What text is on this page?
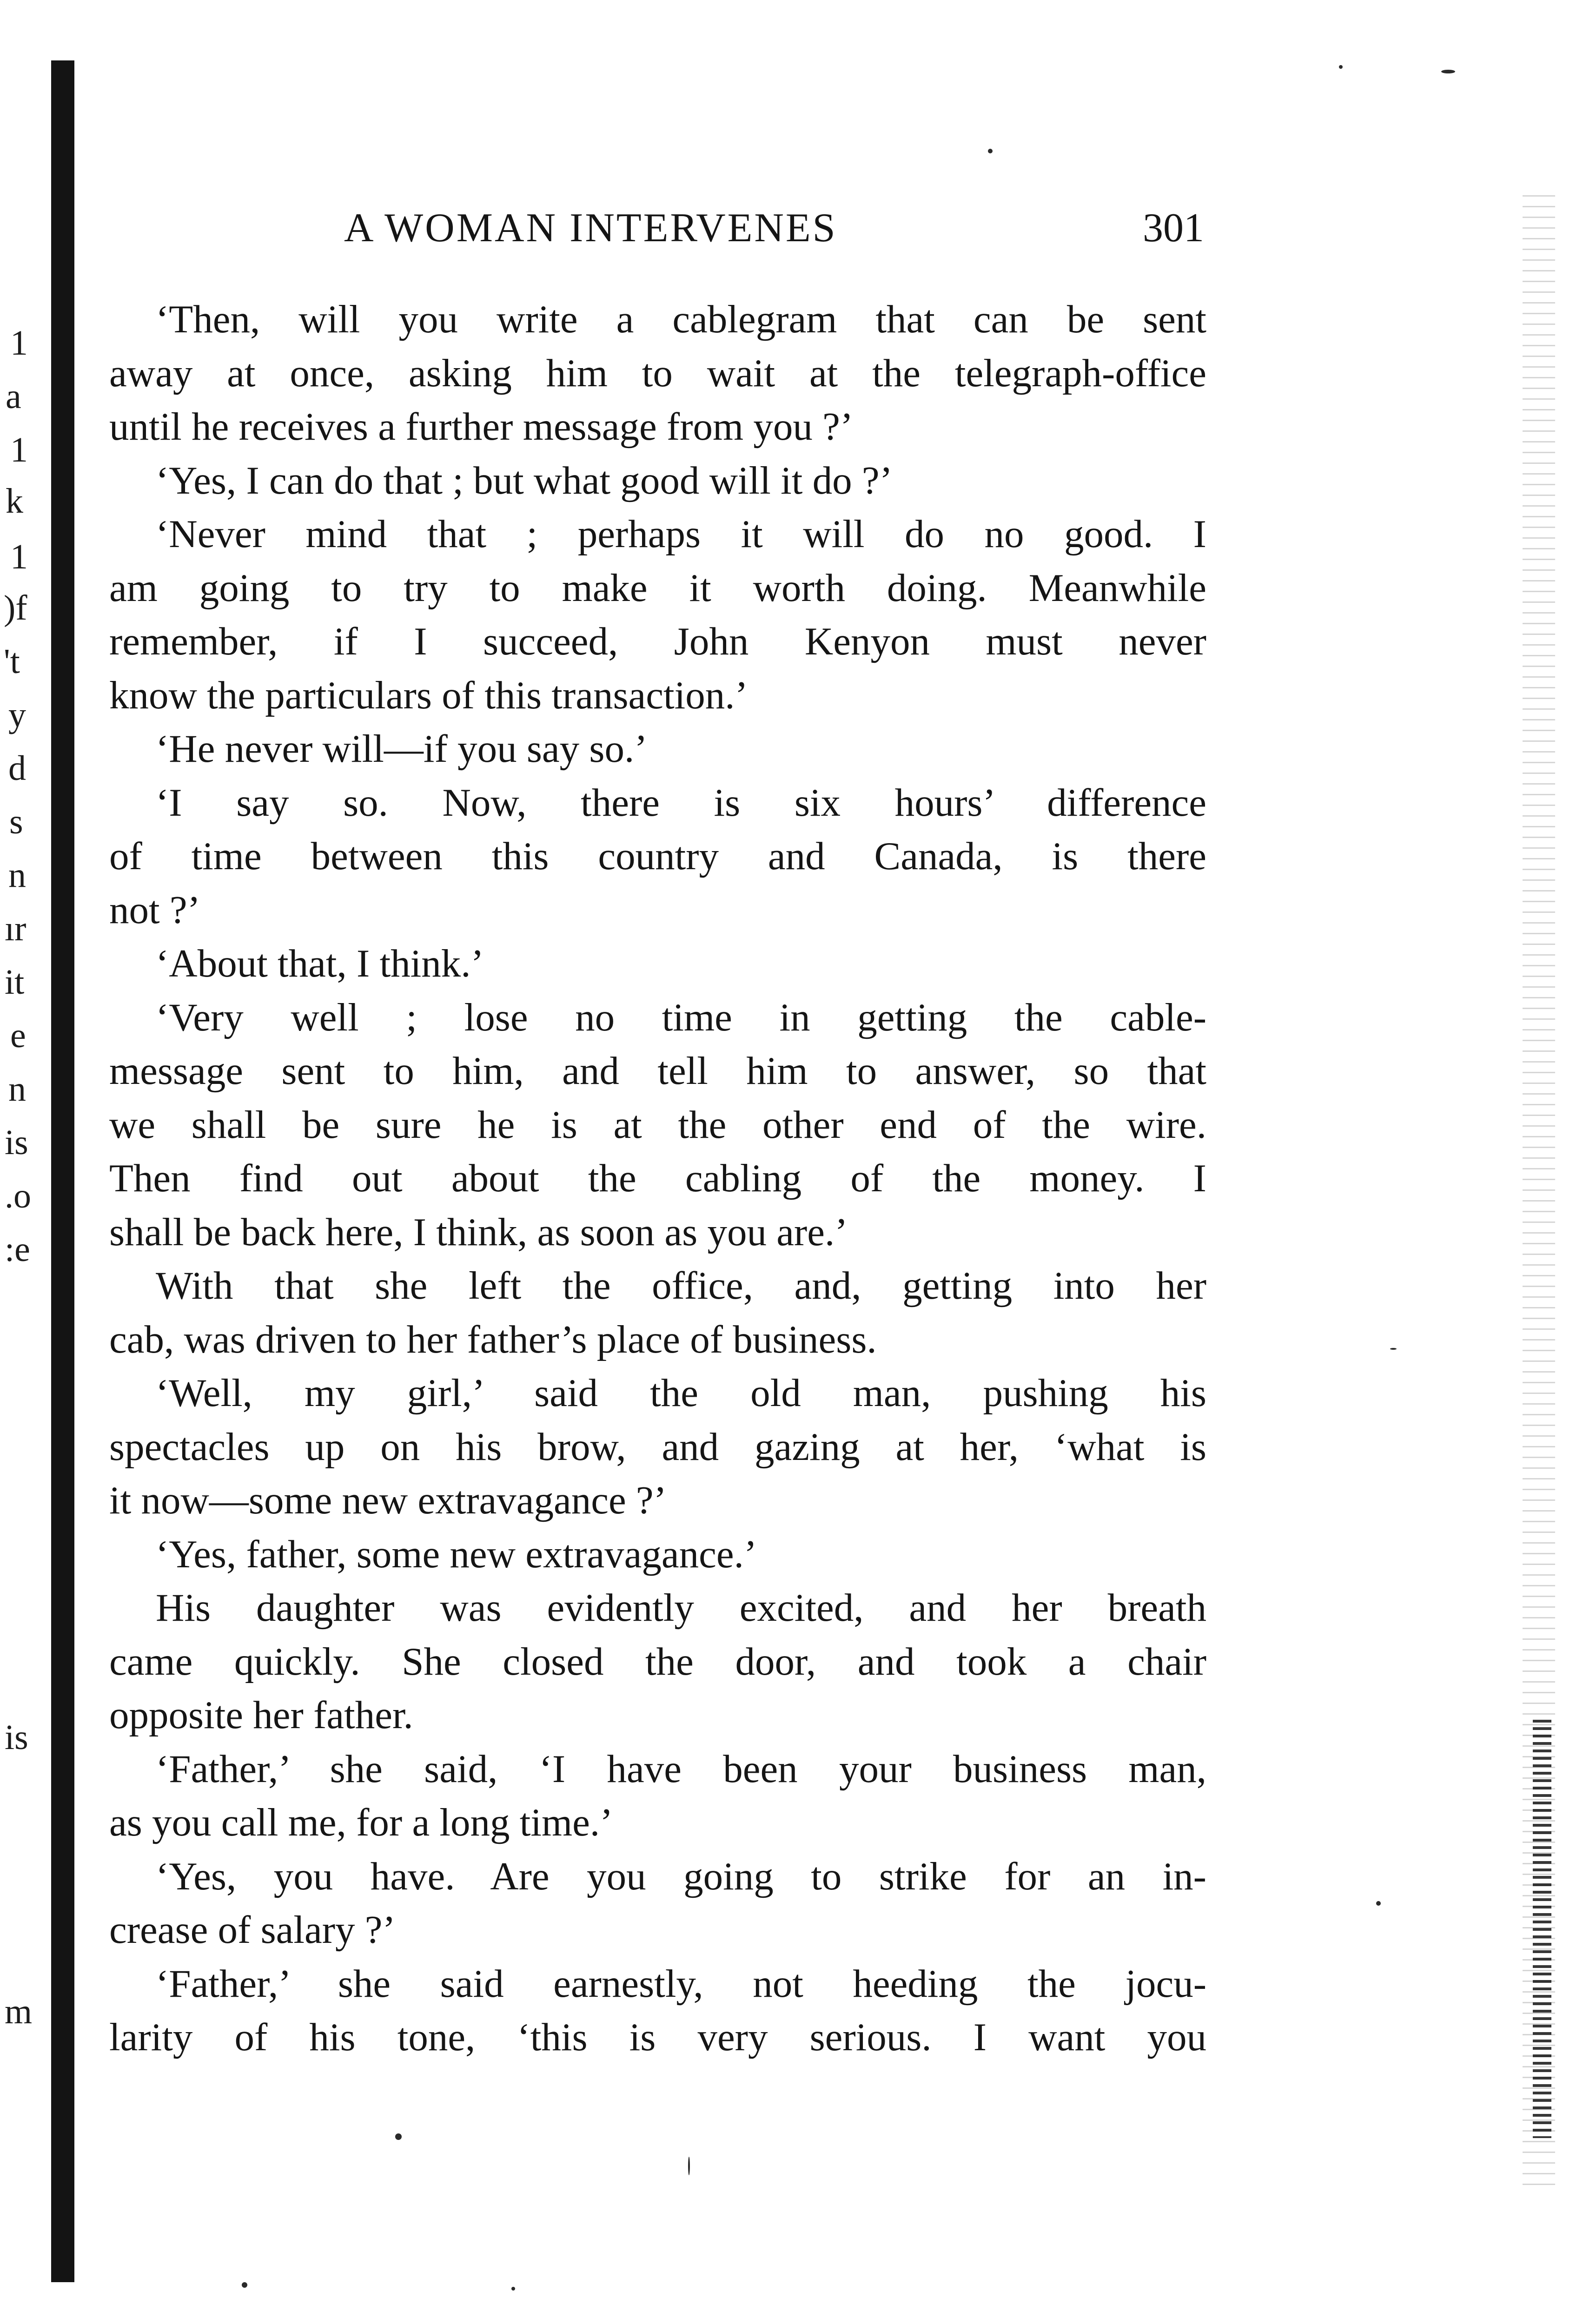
1
a
1
k
1
)f
't
y
d
s
n
ır
it
e
n
is
.o
:e
is
m
A WOMAN INTERVENES	301
‘Then, will you write a cablegram that can be sent
away at once, asking him to wait at the telegraph-office
until he receives a further message from you ?’
‘Yes, I can do that ; but what good will it do ?’
‘Never mind that ; perhaps it will do no good. I
am going to try to make it worth doing. Meanwhile
remember, if I succeed, John Kenyon must never
know the particulars of this transaction.’
‘He never will—if you say so.’
‘I say so. Now, there is six hours’ difference
of time between this country and Canada, is there
not ?’
‘About that, I think.’
‘Very well ; lose no time in getting the cable-
message sent to him, and tell him to answer, so that
we shall be sure he is at the other end of the wire.
Then find out about the cabling of the money. I
shall be back here, I think, as soon as you are.’
With that she left the office, and, getting into her
cab, was driven to her father’s place of business.
‘Well, my girl,’ said the old man, pushing his
spectacles up on his brow, and gazing at her, ‘what is
it now—some new extravagance ?’
‘Yes, father, some new extravagance.’
His daughter was evidently excited, and her breath
came quickly. She closed the door, and took a chair
opposite her father.
‘Father,’ she said, ‘I have been your business man,
as you call me, for a long time.’
‘Yes, you have. Are you going to strike for an in-
crease of salary ?’
‘Father,’ she said earnestly, not heeding the jocu-
larity of his tone, ‘this is very serious. I want you
